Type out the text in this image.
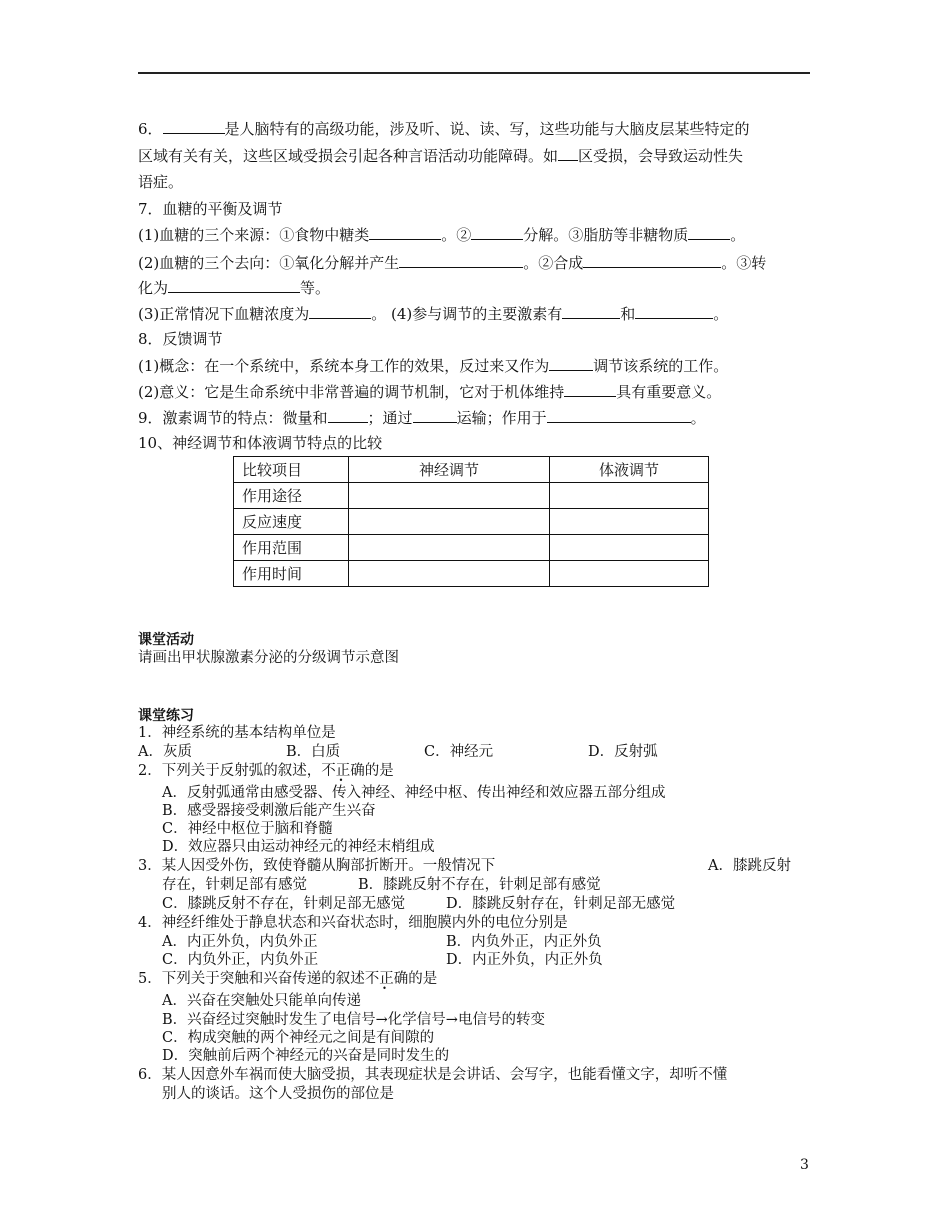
6．	是人脑特有的高级功能，涉及听、说、读、写，这些功能与大脑皮层某些特定的
区域有关有关，这些区域受损会引起各种言语活动功能障碍。如 区受损，会导致运动性失
语症。
7．血糖的平衡及调节
(1)血糖的三个来源：①食物中糖类	。②	分解。③脂肪等非糖物质	。
(2)血糖的三个去向：①氧化分解并产生	。②合成	。③转
化为	等。
(3)正常情况下血糖浓度为	。 (4)参与调节的主要激素有	和	。
8．反馈调节
(1)概念：在一个系统中，系统本身工作的效果，反过来又作为	调节该系统的工作。
(2)意义：它是生命系统中非常普遍的调节机制，它对于机体维持	具有重要意义。
9．激素调节的特点：微量和	；通过	运输；作用于	。
10、神经调节和体液调节特点的比较
比较项目	神经调节	体液调节
作用途径		
反应速度		
作用范围		
作用时间		
课堂活动
请画出甲状腺激素分泌的分级调节示意图
课堂练习
1．神经系统的基本结构单位是
A．灰质	B．白质	C．神经元	D．反射弧
2．下列关于反射弧的叙述，不正确的是
A．反射弧通常由感受器、传入神经、神经中枢、传出神经和效应器五部分组成
B．感受器接受刺激后能产生兴奋
C．神经中枢位于脑和脊髓
D．效应器只由运动神经元的神经末梢组成
3．某人因受外伤，致使脊髓从胸部折断开。一般情况下	A．膝跳反射
存在，针刺足部有感觉	B．膝跳反射不存在，针刺足部有感觉
C．膝跳反射不存在，针刺足部无感觉	D．膝跳反射存在，针刺足部无感觉
4．神经纤维处于静息状态和兴奋状态时，细胞膜内外的电位分别是
A．内正外负，内负外正	B．内负外正，内正外负
C．内负外正，内负外正	D．内正外负，内正外负
5．下列关于突触和兴奋传递的叙述不正确的是
A．兴奋在突触处只能单向传递
B．兴奋经过突触时发生了电信号→化学信号→电信号的转变
C．构成突触的两个神经元之间是有间隙的
D．突触前后两个神经元的兴奋是同时发生的
6．某人因意外车祸而使大脑受损，其表现症状是会讲话、会写字，也能看懂文字，却听不懂
别人的谈话。这个人受损伤的部位是
3
